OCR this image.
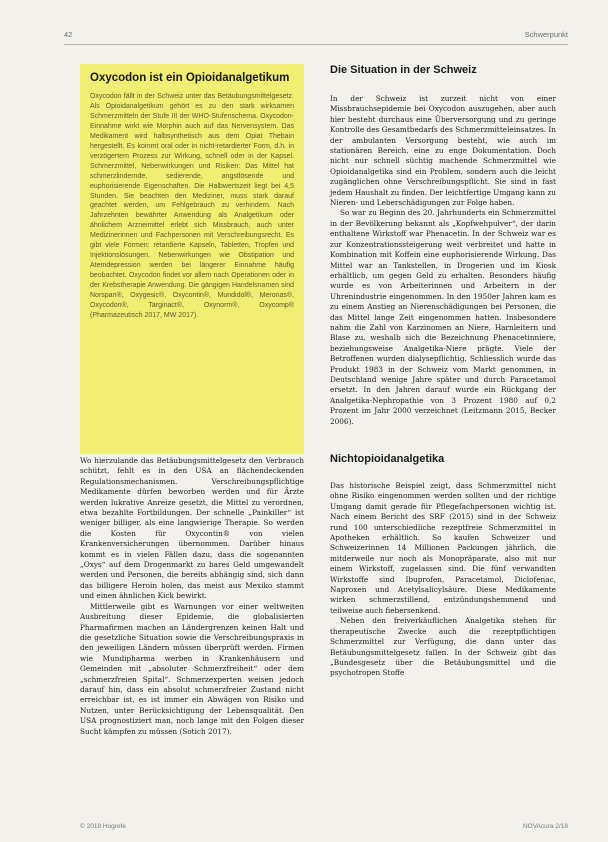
42	Schwerpunkt
Oxycodon ist ein Opioidanalgetikum

Oxycodon fällt in der Schweiz unter das Betäubungsmittelgesetz. Als Opioidanalgetikum gehört es zu den stark wirksamen Schmerzmitteln der Stufe III der WHO-Stufenschema. Oxycodon-Einnahme wirkt wie Morphin auch auf das Nervensystem. Das Medikament wird halbsynthetisch aus dem Opiat Thebain hergestellt. Es kommt oral oder in nicht-retardierter Form, d.h. in verzögertem Prozess zur Wirkung, schnell oder in der Kapsel. Schmerzmittel, Nebenwirkungen und Risiken: Das Mittel hat schmerzlindernde, sedierende, angstlösende und euphorisierende Eigenschaften. Die Halbwertszeit liegt bei 4,5 Stunden. Sie beachten den Mediziner, muss stark darauf geachtet werden, um Fehlgebrauch zu verhindern. Nach Jahrzehnten bewährter Anwendung als Analgetikum oder ähnlichem Arzneimittel erlebt sich Missbrauch, auch unter Medizinerinnen und Fachpersonen mit Verschreibungsrecht. Es gibt viele Formen: retardierte Kapseln, Tabletten, Tropfen und Injektionslösungen. Nebenwirkungen wie Obstipation und Atemdepression werden bei längerer Einnahme häufig beobachtet. Oxycodon findet vor allem nach Operationen oder in der Krebstherapie Anwendung. Die gängigen Handelsnamen sind Norspan®, Oxygesic®, Oxycontin®, Mundidol®, Meronas®, Oxycodon®, Targinact®, Oxynorm®, Oxycomp® (Pharmazeutisch 2017, MW 2017).

Wo hierzulande das Betäubungsmittelgesetz den Verbrauch schützt, fehlt es in den USA an flächendeckenden Regulationsmechanismen. Verschreibungspflichtige Medikamente dürfen beworben werden und für Ärzte werden lukrative Anreize gesetzt, die Mittel zu verordnen, etwa bezahlte Fortbildungen. Der schnelle „Painkiller“ ist weniger billiger, als eine langwierige Therapie. So werden die Kosten für Oxycontin® von vielen Krankenversicherungen übernommen. Darüber hinaus kommt es in vielen Fällen dazu, dass die sogenannten „Oxys“ auf dem Drogenmarkt zu bares Geld umgewandelt werden und Personen, die bereits abhängig sind, sich dann das billigere Heroin holen, das meist aus Mexiko stammt und einen ähnlichen Kick bewirkt.

Mittlerweile gibt es Warnungen vor einer weltweiten Ausbreitung dieser Epidemie, die globalisierten Pharmafirmen machen an Ländergrenzen keinen Halt und die gesetzliche Situation sowie die Verschreibungspraxis in den jeweiligen Ländern müssen überprüft werden. Firmen wie Mundipharma werben in Krankenhäusern und Gemeinden mit „absoluter Schmerzfreiheit“ oder dem „schmerzfreien Spital“. Schmerzexperten weisen jedoch darauf hin, dass ein absolut schmerzfreier Zustand nicht erreichbar ist, es ist immer ein Abwägen von Risiko und Nutzen, unter Berücksichtigung der Lebensqualität. Den USA prognostiziert man, noch lange mit den Folgen dieser Sucht kämpfen zu müssen (Sotich 2017).

Die Situation in der Schweiz

In der Schweiz ist zurzeit nicht von einer Missbrauchsepidemie bei Oxycodon auszugehen, aber auch hier besteht durchaus eine Überversorgung und zu geringe Kontrolle des Gesamtbedarfs des Schmerzmitteleinsatzes. In der ambulanten Versorgung besteht, wie auch im stationären Bereich, eine zu enge Dokumentation. Doch nicht nur schnell süchtig machende Schmerzmittel wie Opioidanalgetika sind ein Problem, sondern auch die leicht zugänglichen ohne Verschreibungspflicht. Sie sind in fast jedem Haushalt zu finden. Der leichtfertige Umgang kann zu Nieren- und Leberschädigungen zur Folge haben.

So war zu Beginn des 20. Jahrhunderts ein Schmerzmittel in der Bevölkerung bekannt als „Kopfwehpulver“, der darin enthaltene Wirkstoff war Phenacetin. In der Schweiz war es zur Konzentrationssteigerung weit verbreitet und hatte in Kombination mit Koffein eine euphorisierende Wirkung. Das Mittel war an Tankstellen, in Drogerien und im Kiosk erhältlich, um gegen Geld zu erhalten. Besonders häufig wurde es von Arbeiterinnen und Arbeitern in der Uhrenindustrie eingenommen. In den 1950er Jahren kam es zu einem Anstieg an Nierenschädigungen bei Personen, die das Mittel lange Zeit eingenommen hatten. Insbesondere nahm die Zahl von Karzinomen an Niere, Harnleitern und Blase zu, weshalb sich die Bezeichnung Phenacetinniere, beziehungsweise Analgetika-Niere prägte. Viele der Betroffenen wurden dialysepflichtig. Schliesslich wurde das Produkt 1983 in der Schweiz vom Markt genommen, in Deutschland wenige Jahre später und durch Paracetamol ersetzt. In den Jahren darauf wurde ein Rückgang der Analgetika-Nephropathie von 3 Prozent 1980 auf 0,2 Prozent im Jahr 2000 verzeichnet (Leitzmann 2015, Becker 2006).

Nichtopioidanalgetika

Das historische Beispiel zeigt, dass Schmerzmittel nicht ohne Risiko eingenommen werden sollten und der richtige Umgang damit gerade für Pflegefachpersonen wichtig ist. Nach einem Bericht des SRF (2015) sind in der Schweiz rund 100 unterschiedliche rezeptfreie Schmerzmittel in Apotheken erhältlich. So kaufen Schweizer und Schweizerinnen 14 Millionen Packungen jährlich, die mitderweile nur noch als Monopräparate, also mit nur einem Wirkstoff, zugelassen sind. Die fünf verwandten Wirkstoffe sind Ibuprofen, Paracetamol, Diclofenac, Naproxen und Acetylsalicylsäure. Diese Medikamente wirken schmerzstillend, entzündungshemmend und teilweise auch fiebersenkend.

Neben den freiverkäuflichen Analgetika stehen für therapeutische Zwecke auch die rezeptpflichtigen Schmerzmittel zur Verfügung, die dann unter das Betäubungsmittelgesetz fallen. In der Schweiz gibt das „Bundesgesetz über die Betäubungsmittel und die psychotropen Stoffe

© 2018 Hogrefe	NOVAcura 2/18
